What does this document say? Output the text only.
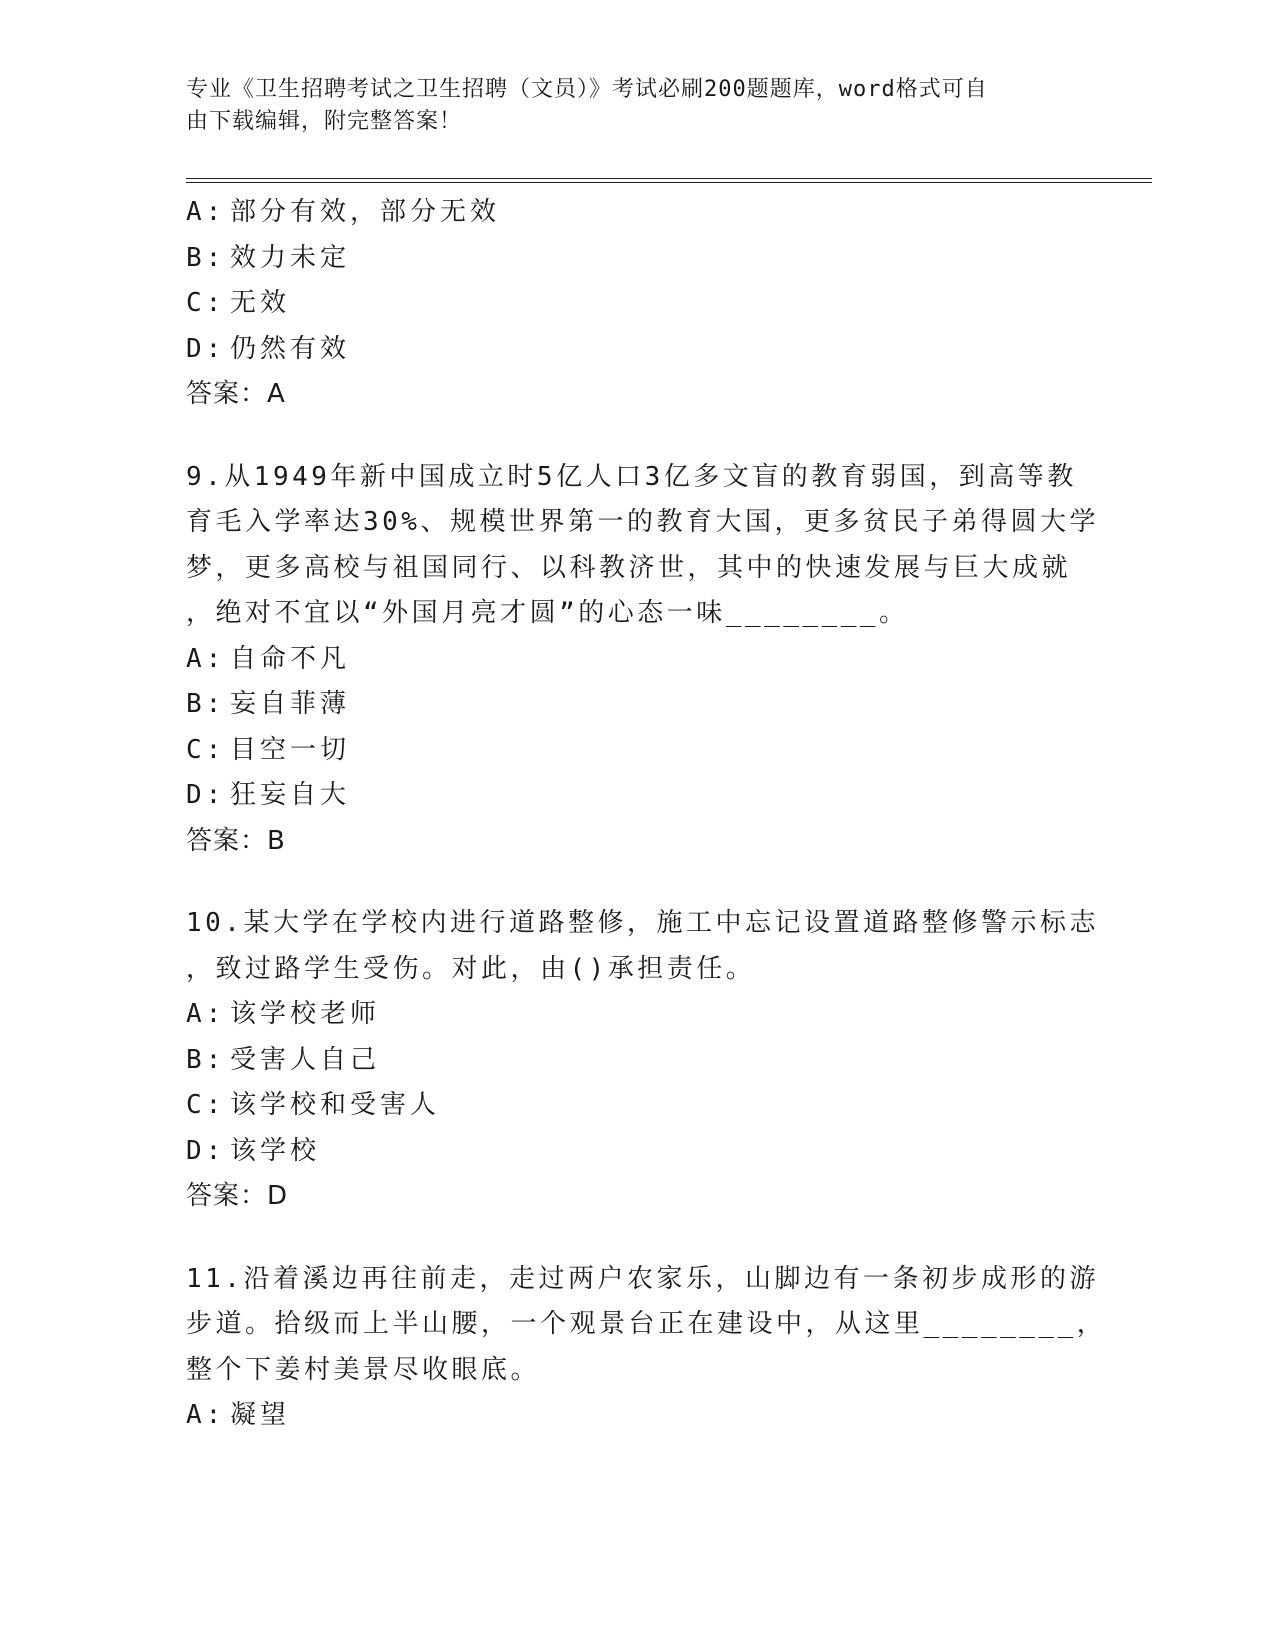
专业《卫生招聘考试之卫生招聘（文员）》考试必刷200题题库，word格式可自
由下载编辑，附完整答案！

A: 部分有效，部分无效

B: 效力未定

C: 无效

D: 仍然有效

答案：A

9.从1949年新中国成立时5亿人口3亿多文盲的教育弱国，到高等教

育毛入学率达30%、规模世界第一的教育大国，更多贫民子弟得圆大学

梦，更多高校与祖国同行、以科教济世，其中的快速发展与巨大成就

，绝对不宜以“外国月亮才圆”的心态一味________。

A: 自命不凡

B: 妄自菲薄

C: 目空一切

D: 狂妄自大

答案：B

10.某大学在学校内进行道路整修，施工中忘记设置道路整修警示标志

，致过路学生受伤。对此，由()承担责任。

A: 该学校老师

B: 受害人自己

C: 该学校和受害人

D: 该学校

答案：D

11.沿着溪边再往前走，走过两户农家乐，山脚边有一条初步成形的游

步道。拾级而上半山腰，一个观景台正在建设中，从这里________，

整个下姜村美景尽收眼底。

A: 凝望
